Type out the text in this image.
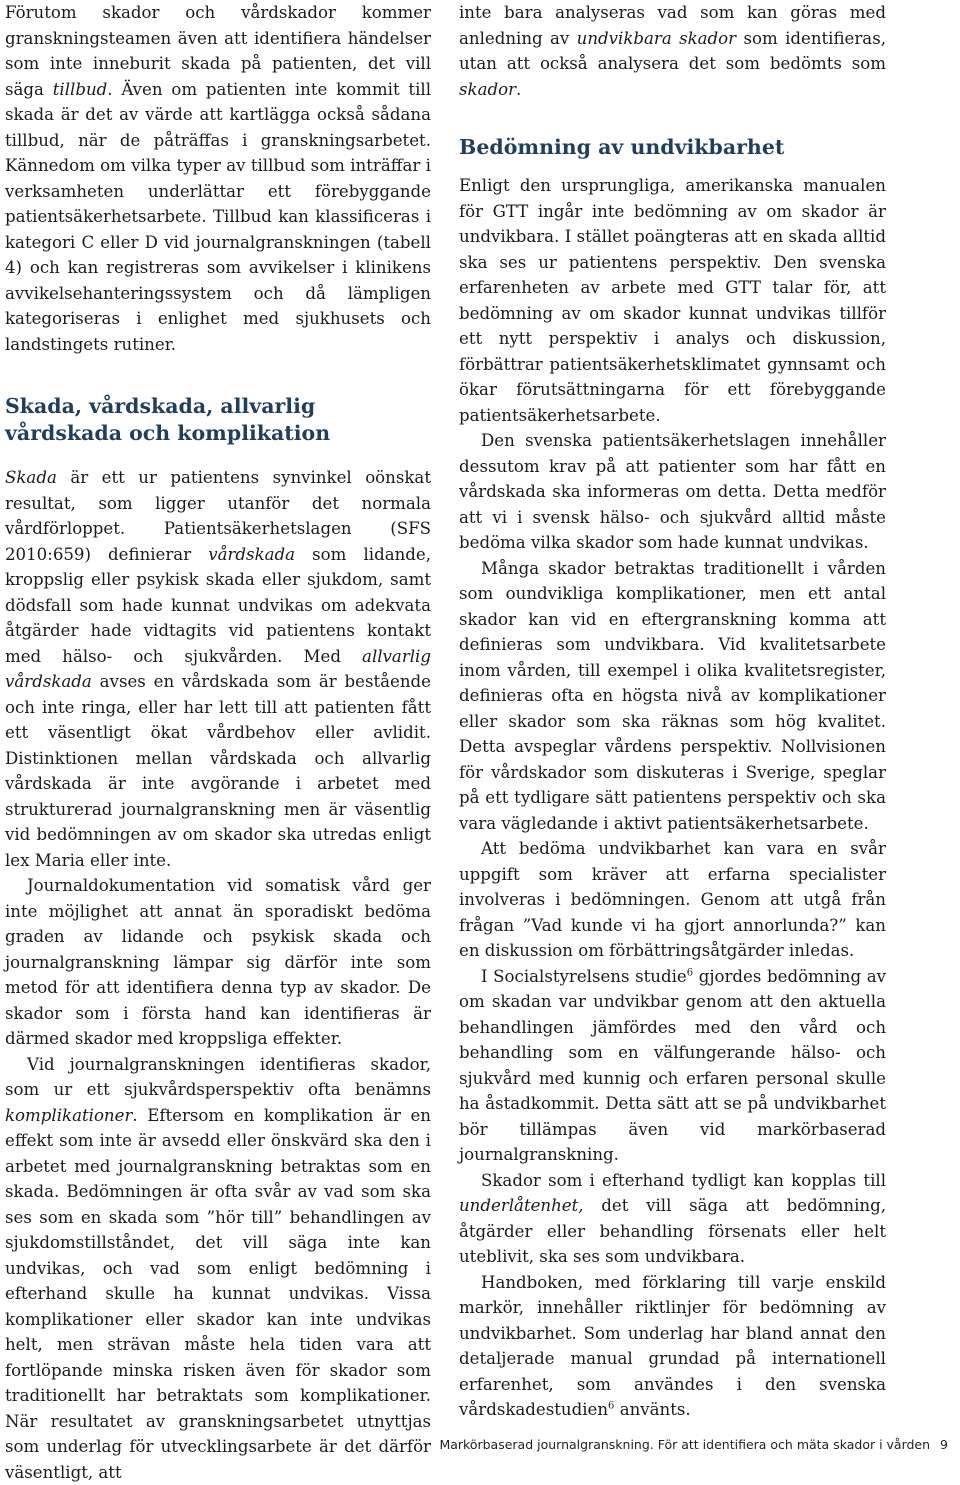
Förutom skador och vårdskador kommer granskningsteamen även att identifiera händelser som inte inneburit skada på patienten, det vill säga tillbud. Även om patienten inte kommit till skada är det av värde att kartlägga också sådana tillbud, när de påträffas i granskningsarbetet. Kännedom om vilka typer av tillbud som inträffar i verksamheten underlättar ett förebyggande patientsäkerhetsarbete. Tillbud kan klassificeras i kategori C eller D vid journalgranskningen (tabell 4) och kan registreras som avvikelser i klinikens avvikelsehanteringssystem och då lämpligen kategoriseras i enlighet med sjukhusets och landstingets rutiner.

Skada, vårdskada, allvarlig vårdskada och komplikation

Skada är ett ur patientens synvinkel oönskat resultat, som ligger utanför det normala vårdförloppet. Patientsäkerhetslagen (SFS 2010:659) definierar vårdskada som lidande, kroppslig eller psykisk skada eller sjukdom, samt dödsfall som hade kunnat undvikas om adekvata åtgärder hade vidtagits vid patientens kontakt med hälso- och sjukvården. Med allvarlig vårdskada avses en vårdskada som är bestående och inte ringa, eller har lett till att patienten fått ett väsentligt ökat vårdbehov eller avlidit. Distinktionen mellan vårdskada och allvarlig vårdskada är inte avgörande i arbetet med strukturerad journalgranskning men är väsentlig vid bedömningen av om skador ska utredas enligt lex Maria eller inte.

Journaldokumentation vid somatisk vård ger inte möjlighet att annat än sporadiskt bedöma graden av lidande och psykisk skada och journalgranskning lämpar sig därför inte som metod för att identifiera denna typ av skador. De skador som i första hand kan identifieras är därmed skador med kroppsliga effekter.

Vid journalgranskningen identifieras skador, som ur ett sjukvårdsperspektiv ofta benämns komplikationer. Eftersom en komplikation är en effekt som inte är avsedd eller önskvärd ska den i arbetet med journalgranskning betraktas som en skada. Bedömningen är ofta svår av vad som ska ses som en skada som ”hör till” behandlingen av sjukdomstillståndet, det vill säga inte kan undvikas, och vad som enligt bedömning i efterhand skulle ha kunnat undvikas. Vissa komplikationer eller skador kan inte undvikas helt, men strävan måste hela tiden vara att fortlöpande minska risken även för skador som traditionellt har betraktats som komplikationer. När resultatet av granskningsarbetet utnyttjas som underlag för utvecklingsarbete är det därför väsentligt, att

inte bara analyseras vad som kan göras med anledning av undvikbara skador som identifieras, utan att också analysera det som bedömts som skador.

Bedömning av undvikbarhet

Enligt den ursprungliga, amerikanska manualen för GTT ingår inte bedömning av om skador är undvikbara. I stället poängteras att en skada alltid ska ses ur patientens perspektiv. Den svenska erfarenheten av arbete med GTT talar för, att bedömning av om skador kunnat undvikas tillför ett nytt perspektiv i analys och diskussion, förbättrar patientsäkerhetsklimatet gynnsamt och ökar förutsättningarna för ett förebyggande patientsäkerhetsarbete.

Den svenska patientsäkerhetslagen innehåller dessutom krav på att patienter som har fått en vårdskada ska informeras om detta. Detta medför att vi i svensk hälso- och sjukvård alltid måste bedöma vilka skador som hade kunnat undvikas.

Många skador betraktas traditionellt i vården som oundvikliga komplikationer, men ett antal skador kan vid en eftergranskning komma att definieras som undvikbara. Vid kvalitetsarbete inom vården, till exempel i olika kvalitetsregister, definieras ofta en högsta nivå av komplikationer eller skador som ska räknas som hög kvalitet. Detta avspeglar vårdens perspektiv. Nollvisionen för vårdskador som diskuteras i Sverige, speglar på ett tydligare sätt patientens perspektiv och ska vara vägledande i aktivt patientsäkerhetsarbete.

Att bedöma undvikbarhet kan vara en svår uppgift som kräver att erfarna specialister involveras i bedömningen. Genom att utgå från frågan ”Vad kunde vi ha gjort annorlunda?” kan en diskussion om förbättringsåtgärder inledas.

I Socialstyrelsens studie$^6$ gjordes bedömning av om skadan var undvikbar genom att den aktuella behandlingen jämfördes med den vård och behandling som en välfungerande hälso- och sjukvård med kunnig och erfaren personal skulle ha åstadkommit. Detta sätt att se på undvikbarhet bör tillämpas även vid markörbaserad journalgranskning.

Skador som i efterhand tydligt kan kopplas till underlåtenhet, det vill säga att bedömning, åtgärder eller behandling försenats eller helt uteblivit, ska ses som undvikbara.

Handboken, med förklaring till varje enskild markör, innehåller riktlinjer för bedömning av undvikbarhet. Som underlag har bland annat den detaljerade manual grundad på internationell erfarenhet, som användes i den svenska vårdskadestudien$^6$ använts.

Markörbaserad journalgranskning. För att identifiera och mäta skador i vården 9
